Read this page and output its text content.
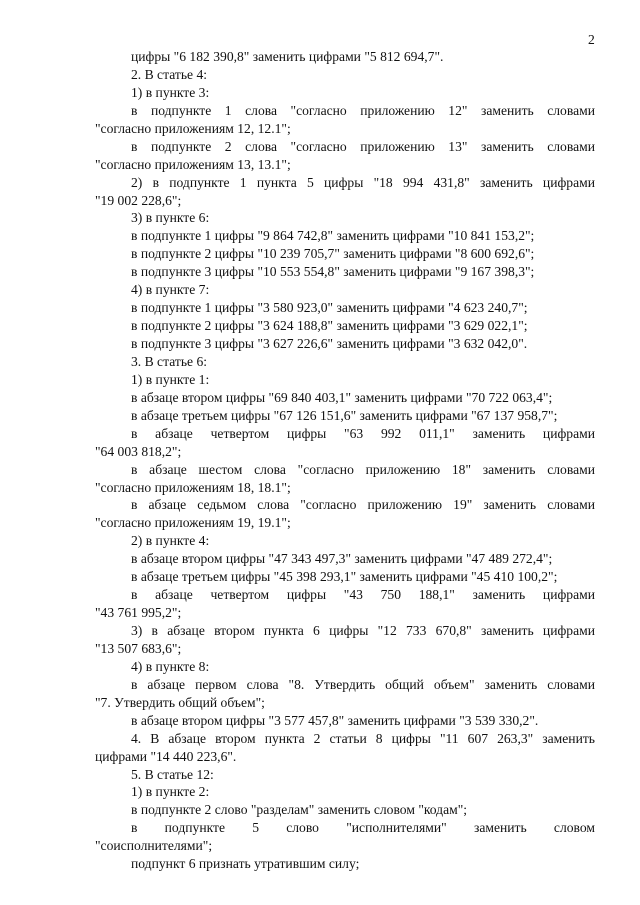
2
цифры "6 182 390,8" заменить цифрами "5 812 694,7".
2. В статье 4:
1) в пункте 3:
в подпункте 1 слова "согласно приложению 12" заменить словами
"согласно приложениям 12, 12.1";
в подпункте 2 слова "согласно приложению 13" заменить словами
"согласно приложениям 13, 13.1";
2) в подпункте 1 пункта 5 цифры "18 994 431,8" заменить цифрами
"19 002 228,6";
3) в пункте 6:
в подпункте 1 цифры "9 864 742,8" заменить цифрами "10 841 153,2";
в подпункте 2 цифры "10 239 705,7" заменить цифрами "8 600 692,6";
в подпункте 3 цифры "10 553 554,8" заменить цифрами "9 167 398,3";
4) в пункте 7:
в подпункте 1 цифры "3 580 923,0" заменить цифрами "4 623 240,7";
в подпункте 2 цифры "3 624 188,8" заменить цифрами "3 629 022,1";
в подпункте 3 цифры "3 627 226,6" заменить цифрами "3 632 042,0".
3. В статье 6:
1) в пункте 1:
в абзаце втором цифры "69 840 403,1" заменить цифрами "70 722 063,4";
в абзаце третьем цифры "67 126 151,6" заменить цифрами "67 137 958,7";
в абзаце четвертом цифры "63 992 011,1" заменить цифрами
"64 003 818,2";
в абзаце шестом слова "согласно приложению 18" заменить словами
"согласно приложениям 18, 18.1";
в абзаце седьмом слова "согласно приложению 19" заменить словами
"согласно приложениям 19, 19.1";
2) в пункте 4:
в абзаце втором цифры "47 343 497,3" заменить цифрами "47 489 272,4";
в абзаце третьем цифры "45 398 293,1" заменить цифрами "45 410 100,2";
в абзаце четвертом цифры "43 750 188,1" заменить цифрами
"43 761 995,2";
3) в абзаце втором пункта 6 цифры "12 733 670,8" заменить цифрами
"13 507 683,6";
4) в пункте 8:
в абзаце первом слова "8. Утвердить общий объем" заменить словами
"7. Утвердить общий объем";
в абзаце втором цифры "3 577 457,8" заменить цифрами "3 539 330,2".
4. В абзаце втором пункта 2 статьи 8 цифры "11 607 263,3" заменить
цифрами "14 440 223,6".
5. В статье 12:
1) в пункте 2:
в подпункте 2 слово "разделам" заменить словом "кодам";
в подпункте 5 слово "исполнителями" заменить словом
"соисполнителями";
подпункт 6 признать утратившим силу;
